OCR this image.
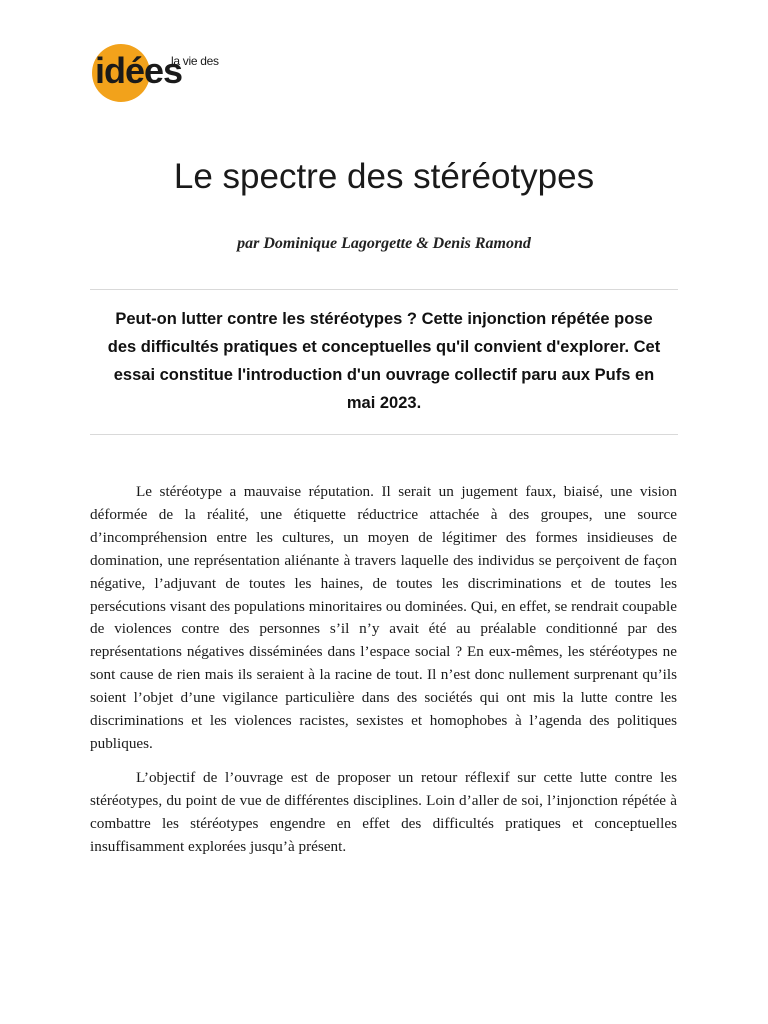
idées
la vie des
Le spectre des stéréotypes
par Dominique Lagorgette & Denis Ramond
Peut-on lutter contre les stéréotypes ? Cette injonction répétée pose des difficultés pratiques et conceptuelles qu'il convient d'explorer. Cet essai constitue l'introduction d'un ouvrage collectif paru aux Pufs en mai 2023.

Le stéréotype a mauvaise réputation. Il serait un jugement faux, biaisé, une vision déformée de la réalité, une étiquette réductrice attachée à des groupes, une source d’incompréhension entre les cultures, un moyen de légitimer des formes insidieuses de domination, une représentation aliénante à travers laquelle des individus se perçoivent de façon négative, l’adjuvant de toutes les haines, de toutes les discriminations et de toutes les persécutions visant des populations minoritaires ou dominées. Qui, en effet, se rendrait coupable de violences contre des personnes s’il n’y avait été au préalable conditionné par des représentations négatives disséminées dans l’espace social ? En eux-mêmes, les stéréotypes ne sont cause de rien mais ils seraient à la racine de tout. Il n’est donc nullement surprenant qu’ils soient l’objet d’une vigilance particulière dans des sociétés qui ont mis la lutte contre les discriminations et les violences racistes, sexistes et homophobes à l’agenda des politiques publiques.

L’objectif de l’ouvrage est de proposer un retour réflexif sur cette lutte contre les stéréotypes, du point de vue de différentes disciplines. Loin d’aller de soi, l’injonction répétée à combattre les stéréotypes engendre en effet des difficultés pratiques et conceptuelles insuffisamment explorées jusqu’à présent.
